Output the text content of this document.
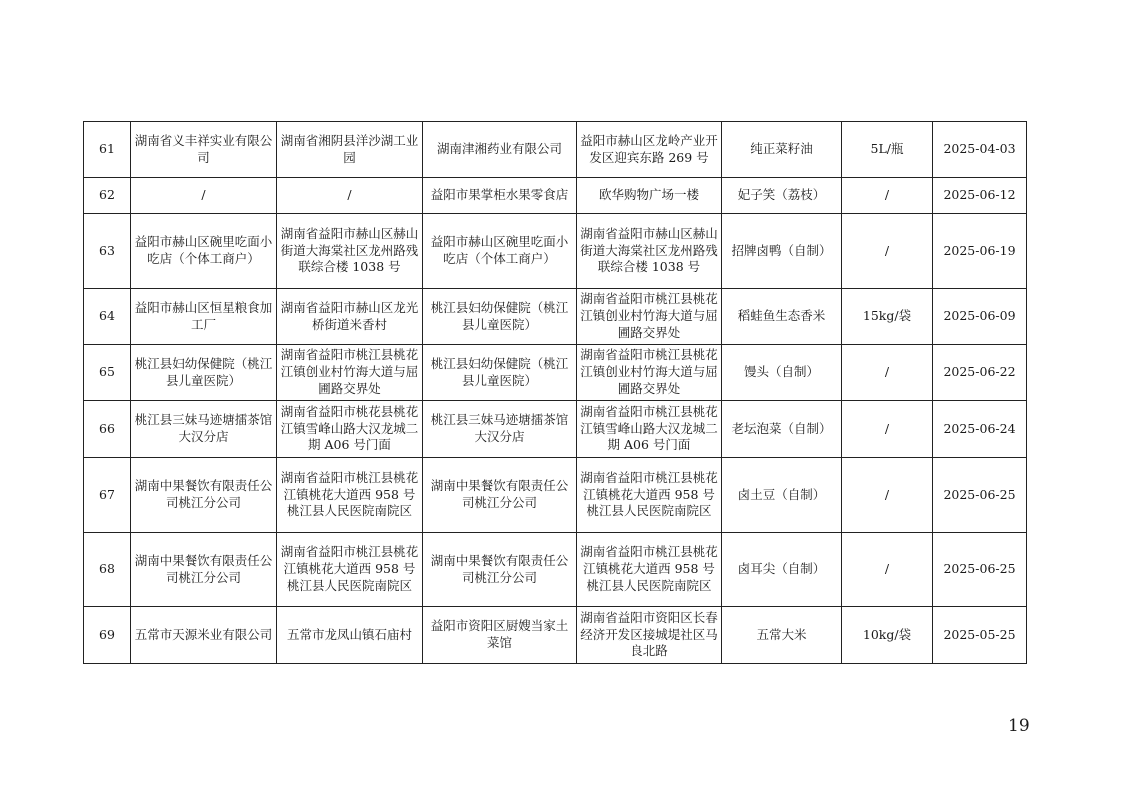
61	湖南省义丰祥实业有限公司	湖南省湘阴县洋沙湖工业园	湖南津湘药业有限公司	益阳市赫山区龙岭产业开发区迎宾东路 269 号	纯正菜籽油	5L/瓶	2025-04-03
62	/	/	益阳市果掌柜水果零食店	欧华购物广场一楼	妃子笑（荔枝）	/	2025-06-12
63	益阳市赫山区碗里吃面小吃店（个体工商户）	湖南省益阳市赫山区赫山街道大海棠社区龙州路残联综合楼 1038 号	益阳市赫山区碗里吃面小吃店（个体工商户）	湖南省益阳市赫山区赫山街道大海棠社区龙州路残联综合楼 1038 号	招牌卤鸭（自制）	/	2025-06-19
64	益阳市赫山区恒星粮食加工厂	湖南省益阳市赫山区龙光桥街道米香村	桃江县妇幼保健院（桃江县儿童医院）	湖南省益阳市桃江县桃花江镇创业村竹海大道与屈圃路交界处	稻蛙鱼生态香米	15kg/袋	2025-06-09
65	桃江县妇幼保健院（桃江县儿童医院）	湖南省益阳市桃江县桃花江镇创业村竹海大道与屈圃路交界处	桃江县妇幼保健院（桃江县儿童医院）	湖南省益阳市桃江县桃花江镇创业村竹海大道与屈圃路交界处	馒头（自制）	/	2025-06-22
66	桃江县三妹马迹塘擂茶馆大汉分店	湖南省益阳市桃花县桃花江镇雪峰山路大汉龙城二期 A06 号门面	桃江县三妹马迹塘擂茶馆大汉分店	湖南省益阳市桃江县桃花江镇雪峰山路大汉龙城二期 A06 号门面	老坛泡菜（自制）	/	2025-06-24
67	湖南中果餐饮有限责任公司桃江分公司	湖南省益阳市桃江县桃花江镇桃花大道西 958 号桃江县人民医院南院区	湖南中果餐饮有限责任公司桃江分公司	湖南省益阳市桃江县桃花江镇桃花大道西 958 号桃江县人民医院南院区	卤土豆（自制）	/	2025-06-25
68	湖南中果餐饮有限责任公司桃江分公司	湖南省益阳市桃江县桃花江镇桃花大道西 958 号桃江县人民医院南院区	湖南中果餐饮有限责任公司桃江分公司	湖南省益阳市桃江县桃花江镇桃花大道西 958 号桃江县人民医院南院区	卤耳尖（自制）	/	2025-06-25
69	五常市天源米业有限公司	五常市龙凤山镇石庙村	益阳市资阳区厨嫂当家土菜馆	湖南省益阳市资阳区长春经济开发区接城堤社区马良北路	五常大米	10kg/袋	2025-05-25
19
